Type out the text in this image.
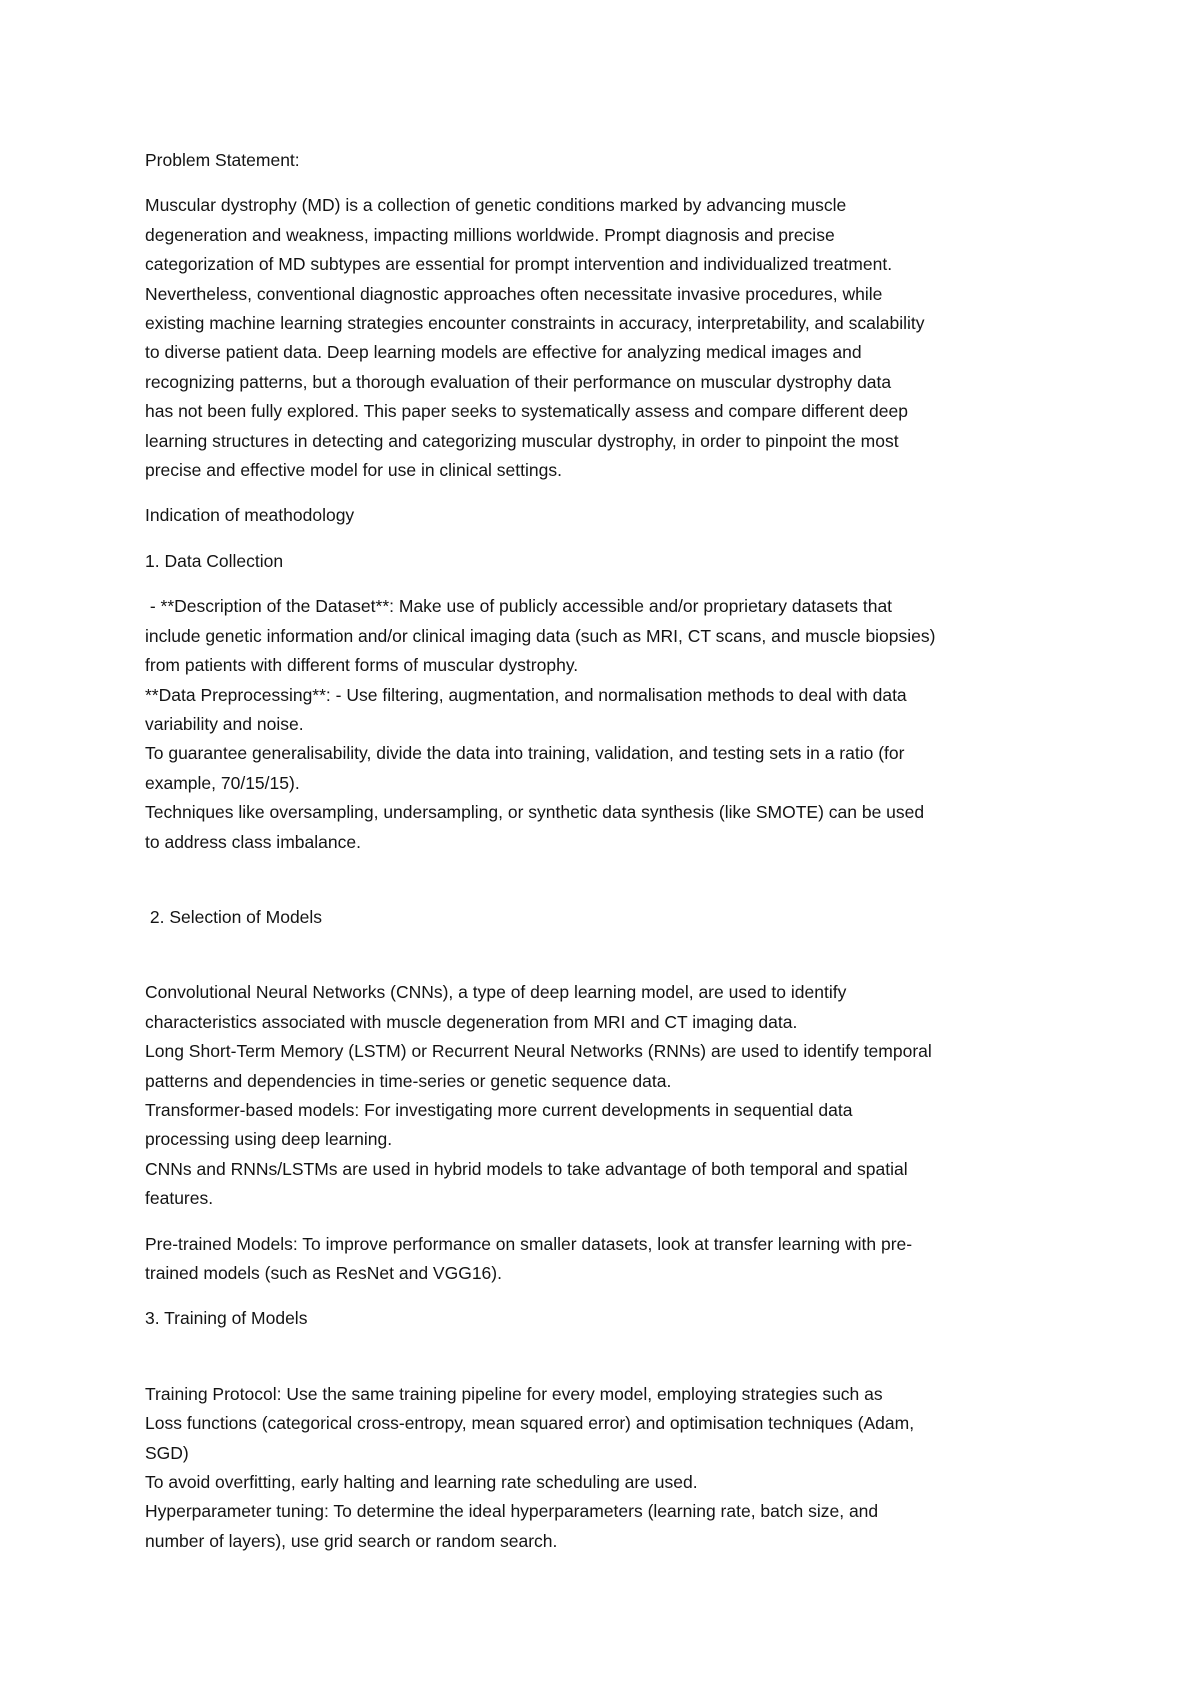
Problem Statement:

Muscular dystrophy (MD) is a collection of genetic conditions marked by advancing muscle
degeneration and weakness, impacting millions worldwide. Prompt diagnosis and precise
categorization of MD subtypes are essential for prompt intervention and individualized treatment.
Nevertheless, conventional diagnostic approaches often necessitate invasive procedures, while
existing machine learning strategies encounter constraints in accuracy, interpretability, and scalability
to diverse patient data. Deep learning models are effective for analyzing medical images and
recognizing patterns, but a thorough evaluation of their performance on muscular dystrophy data
has not been fully explored. This paper seeks to systematically assess and compare different deep
learning structures in detecting and categorizing muscular dystrophy, in order to pinpoint the most
precise and effective model for use in clinical settings.

Indication of meathodology

1. Data Collection

- **Description of the Dataset**: Make use of publicly accessible and/or proprietary datasets that
include genetic information and/or clinical imaging data (such as MRI, CT scans, and muscle biopsies)
from patients with different forms of muscular dystrophy.
**Data Preprocessing**: - Use filtering, augmentation, and normalisation methods to deal with data
variability and noise.
To guarantee generalisability, divide the data into training, validation, and testing sets in a ratio (for
example, 70/15/15).
Techniques like oversampling, undersampling, or synthetic data synthesis (like SMOTE) can be used
to address class imbalance.

2. Selection of Models

Convolutional Neural Networks (CNNs), a type of deep learning model, are used to identify
characteristics associated with muscle degeneration from MRI and CT imaging data.
Long Short-Term Memory (LSTM) or Recurrent Neural Networks (RNNs) are used to identify temporal
patterns and dependencies in time-series or genetic sequence data.
Transformer-based models: For investigating more current developments in sequential data
processing using deep learning.
CNNs and RNNs/LSTMs are used in hybrid models to take advantage of both temporal and spatial
features.

Pre-trained Models: To improve performance on smaller datasets, look at transfer learning with pre-
trained models (such as ResNet and VGG16).

3. Training of Models

Training Protocol: Use the same training pipeline for every model, employing strategies such as
Loss functions (categorical cross-entropy, mean squared error) and optimisation techniques (Adam,
SGD)
To avoid overfitting, early halting and learning rate scheduling are used.
Hyperparameter tuning: To determine the ideal hyperparameters (learning rate, batch size, and
number of layers), use grid search or random search.
